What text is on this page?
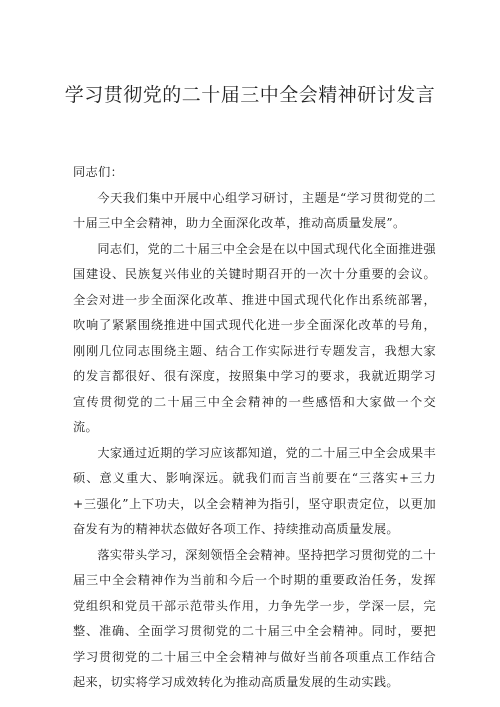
学习贯彻党的二十届三中全会精神研讨发言

同志们：

今天我们集中开展中心组学习研讨，主题是“学习贯彻党的二十届三中全会精神，助力全面深化改革，推动高质量发展”。

同志们，党的二十届三中全会是在以中国式现代化全面推进强国建设、民族复兴伟业的关键时期召开的一次十分重要的会议。全会对进一步全面深化改革、推进中国式现代化作出系统部署，吹响了紧紧围绕推进中国式现代化进一步全面深化改革的号角，刚刚几位同志围绕主题、结合工作实际进行专题发言，我想大家的发言都很好、很有深度，按照集中学习的要求，我就近期学习宣传贯彻党的二十届三中全会精神的一些感悟和大家做一个交流。

大家通过近期的学习应该都知道，党的二十届三中全会成果丰硕、意义重大、影响深远。就我们而言当前要在“三落实+三力+三强化”上下功夫，以全会精神为指引，坚守职责定位，以更加奋发有为的精神状态做好各项工作、持续推动高质量发展。

落实带头学习，深刻领悟全会精神。坚持把学习贯彻党的二十届三中全会精神作为当前和今后一个时期的重要政治任务，发挥党组织和党员干部示范带头作用，力争先学一步，学深一层，完整、准确、全面学习贯彻党的二十届三中全会精神。同时，要把学习贯彻党的二十届三中全会精神与做好当前各项重点工作结合起来，切实将学习成效转化为推动高质量发展的生动实践。
